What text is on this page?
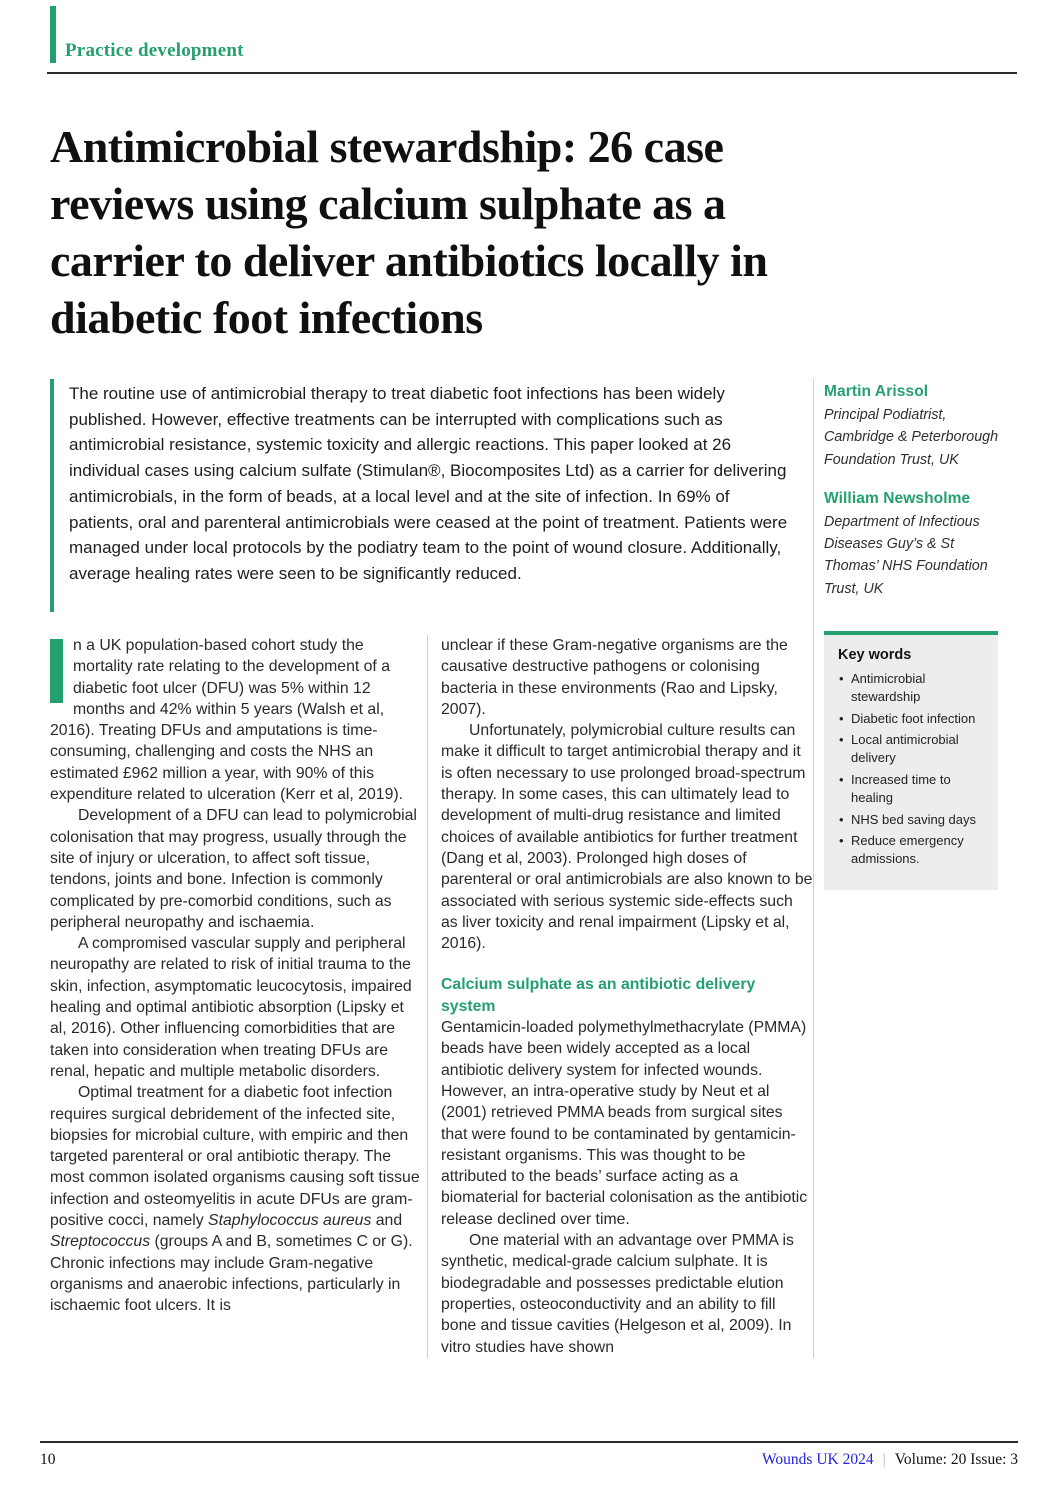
Practice development
Antimicrobial stewardship: 26 case
reviews using calcium sulphate as a
carrier to deliver antibiotics locally in
diabetic foot infections
The routine use of antimicrobial therapy to treat diabetic foot infections has been widely published. However, effective treatments can be interrupted with complications such as antimicrobial resistance, systemic toxicity and allergic reactions. This paper looked at 26 individual cases using calcium sulfate (Stimulan®, Biocomposites Ltd) as a carrier for delivering antimicrobials, in the form of beads, at a local level and at the site of infection. In 69% of patients, oral and parenteral antimicrobials were ceased at the point of treatment. Patients were managed under local protocols by the podiatry team to the point of wound closure. Additionally, average healing rates were seen to be significantly reduced.

n a UK population-based cohort study the mortality rate relating to the development of a diabetic foot ulcer (DFU) was 5% within 12 months and 42% within 5 years (Walsh et al, 2016). Treating DFUs and amputations is time-consuming, challenging and costs the NHS an estimated £962 million a year, with 90% of this expenditure related to ulceration (Kerr et al, 2019).

Development of a DFU can lead to polymicrobial colonisation that may progress, usually through the site of injury or ulceration, to affect soft tissue, tendons, joints and bone. Infection is commonly complicated by pre-comorbid conditions, such as peripheral neuropathy and ischaemia.

A compromised vascular supply and peripheral neuropathy are related to risk of initial trauma to the skin, infection, asymptomatic leucocytosis, impaired healing and optimal antibiotic absorption (Lipsky et al, 2016). Other influencing comorbidities that are taken into consideration when treating DFUs are renal, hepatic and multiple metabolic disorders.

Optimal treatment for a diabetic foot infection requires surgical debridement of the infected site, biopsies for microbial culture, with empiric and then targeted parenteral or oral antibiotic therapy. The most common isolated organisms causing soft tissue infection and osteomyelitis in acute DFUs are gram-positive cocci, namely Staphylococcus aureus and Streptococcus (groups A and B, sometimes C or G). Chronic infections may include Gram-negative organisms and anaerobic infections, particularly in ischaemic foot ulcers. It is

unclear if these Gram-negative organisms are the causative destructive pathogens or colonising bacteria in these environments (Rao and Lipsky, 2007).

Unfortunately, polymicrobial culture results can make it difficult to target antimicrobial therapy and it is often necessary to use prolonged broad-spectrum therapy. In some cases, this can ultimately lead to development of multi-drug resistance and limited choices of available antibiotics for further treatment (Dang et al, 2003). Prolonged high doses of parenteral or oral antimicrobials are also known to be associated with serious systemic side-effects such as liver toxicity and renal impairment (Lipsky et al, 2016).

Calcium sulphate as an antibiotic delivery system

Gentamicin-loaded polymethylmethacrylate (PMMA) beads have been widely accepted as a local antibiotic delivery system for infected wounds. However, an intra-operative study by Neut et al (2001) retrieved PMMA beads from surgical sites that were found to be contaminated by gentamicin-resistant organisms. This was thought to be attributed to the beads’ surface acting as a biomaterial for bacterial colonisation as the antibiotic release declined over time.

One material with an advantage over PMMA is synthetic, medical-grade calcium sulphate. It is biodegradable and possesses predictable elution properties, osteoconductivity and an ability to fill bone and tissue cavities (Helgeson et al, 2009). In vitro studies have shown

Martin Arissol
Principal Podiatrist, Cambridge & Peterborough Foundation Trust, UK
William Newsholme
Department of Infectious Diseases Guy’s & St Thomas’ NHS Foundation Trust, UK
Key words
• Antimicrobial stewardship
• Diabetic foot infection
• Local antimicrobial delivery
• Increased time to healing
• NHS bed saving days
• Reduce emergency admissions.
10	Wounds UK 2024 | Volume: 20 Issue: 3
